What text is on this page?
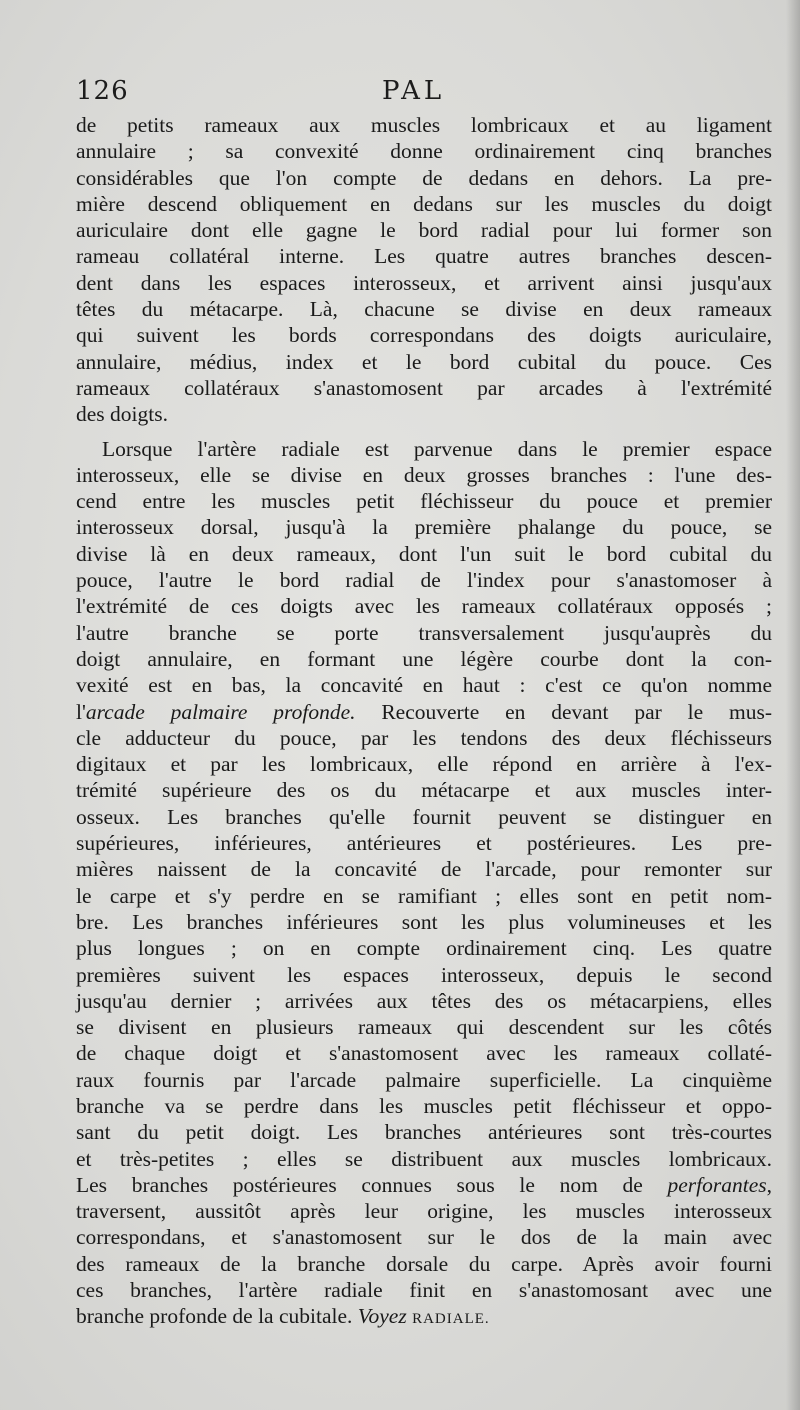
126	PAL
de petits rameaux aux muscles lombricaux et au ligament
annulaire ; sa convexité donne ordinairement cinq branches
considérables que l'on compte de dedans en dehors. La pre-
mière descend obliquement en dedans sur les muscles du doigt
auriculaire dont elle gagne le bord radial pour lui former son
rameau collatéral interne. Les quatre autres branches descen-
dent dans les espaces interosseux, et arrivent ainsi jusqu'aux
têtes du métacarpe. Là, chacune se divise en deux rameaux
qui suivent les bords correspondans des doigts auriculaire,
annulaire, médius, index et le bord cubital du pouce. Ces
rameaux collatéraux s'anastomosent par arcades à l'extrémité
des doigts.
Lorsque l'artère radiale est parvenue dans le premier espace
interosseux, elle se divise en deux grosses branches : l'une des-
cend entre les muscles petit fléchisseur du pouce et premier
interosseux dorsal, jusqu'à la première phalange du pouce, se
divise là en deux rameaux, dont l'un suit le bord cubital du
pouce, l'autre le bord radial de l'index pour s'anastomoser à
l'extrémité de ces doigts avec les rameaux collatéraux opposés ;
l'autre branche se porte transversalement jusqu'auprès du
doigt annulaire, en formant une légère courbe dont la con-
vexité est en bas, la concavité en haut : c'est ce qu'on nomme
l'arcade palmaire profonde. Recouverte en devant par le mus-
cle adducteur du pouce, par les tendons des deux fléchisseurs
digitaux et par les lombricaux, elle répond en arrière à l'ex-
trémité supérieure des os du métacarpe et aux muscles inter-
osseux. Les branches qu'elle fournit peuvent se distinguer en
supérieures, inférieures, antérieures et postérieures. Les pre-
mières naissent de la concavité de l'arcade, pour remonter sur
le carpe et s'y perdre en se ramifiant ; elles sont en petit nom-
bre. Les branches inférieures sont les plus volumineuses et les
plus longues ; on en compte ordinairement cinq. Les quatre
premières suivent les espaces interosseux, depuis le second
jusqu'au dernier ; arrivées aux têtes des os métacarpiens, elles
se divisent en plusieurs rameaux qui descendent sur les côtés
de chaque doigt et s'anastomosent avec les rameaux collaté-
raux fournis par l'arcade palmaire superficielle. La cinquième
branche va se perdre dans les muscles petit fléchisseur et oppo-
sant du petit doigt. Les branches antérieures sont très-courtes
et très-petites ; elles se distribuent aux muscles lombricaux.
Les branches postérieures connues sous le nom de perforantes,
traversent, aussitôt après leur origine, les muscles interosseux
correspondans, et s'anastomosent sur le dos de la main avec
des rameaux de la branche dorsale du carpe. Après avoir fourni
ces branches, l'artère radiale finit en s'anastomosant avec une
branche profonde de la cubitale. Voyez RADIALE.
